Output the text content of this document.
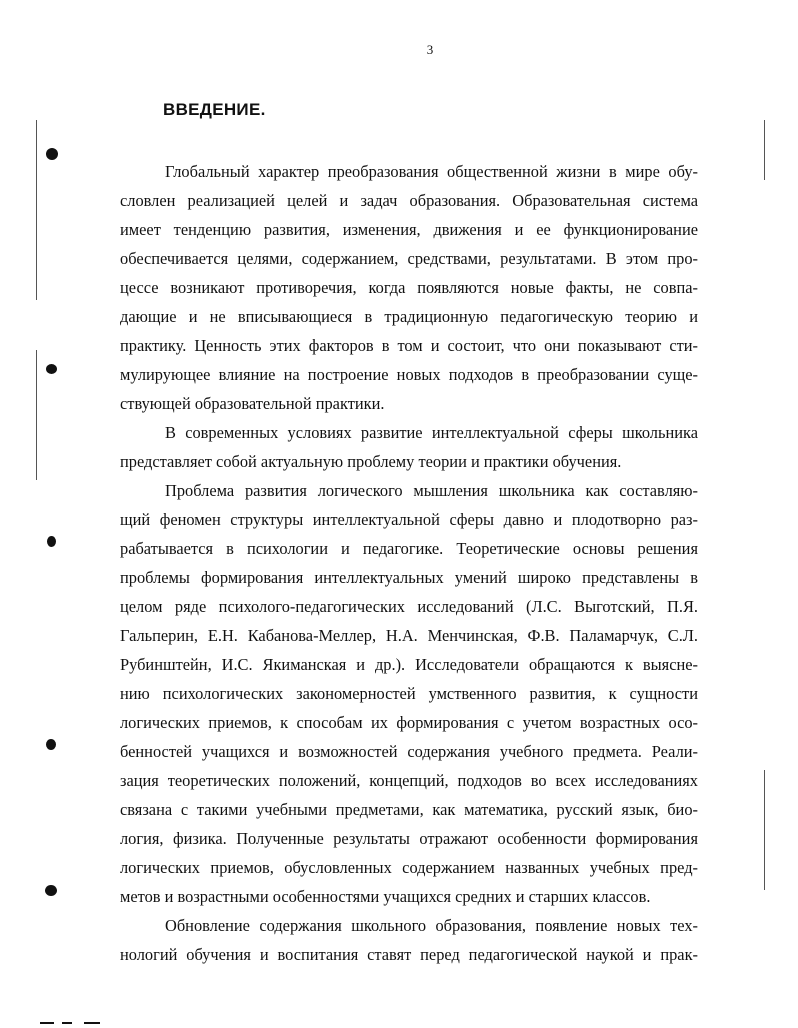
3
ВВЕДЕНИЕ.
Глобальный характер преобразования общественной жизни в мире обу-
словлен реализацией целей и задач образования. Образовательная система
имеет тенденцию развития, изменения, движения и ее функционирование
обеспечивается целями, содержанием, средствами, результатами. В этом про-
цессе возникают противоречия, когда появляются новые факты, не совпа-
дающие и не вписывающиеся в традиционную педагогическую теорию и
практику. Ценность этих факторов в том и состоит, что они показывают сти-
мулирующее влияние на построение новых подходов в преобразовании суще-
ствующей образовательной практики.
В современных условиях развитие интеллектуальной сферы школьника
представляет собой актуальную проблему теории и практики обучения.
Проблема развития логического мышления школьника как составляю-
щий феномен структуры интеллектуальной сферы давно и плодотворно раз-
рабатывается в психологии и педагогике. Теоретические основы решения
проблемы формирования интеллектуальных умений широко представлены в
целом ряде психолого-педагогических исследований (Л.С. Выготский, П.Я.
Гальперин, Е.Н. Кабанова-Меллер, Н.А. Менчинская, Ф.В. Паламарчук, С.Л.
Рубинштейн, И.С. Якиманская и др.). Исследователи обращаются к выясне-
нию психологических закономерностей умственного развития, к сущности
логических приемов, к способам их формирования с учетом возрастных осо-
бенностей учащихся и возможностей содержания учебного предмета. Реали-
зация теоретических положений, концепций, подходов во всех исследованиях
связана с такими учебными предметами, как математика, русский язык, био-
логия, физика. Полученные результаты отражают особенности формирования
логических приемов, обусловленных содержанием названных учебных пред-
метов и возрастными особенностями учащихся средних и старших классов.
Обновление содержания школьного образования, появление новых тех-
нологий обучения и воспитания ставят перед педагогической наукой и прак-
